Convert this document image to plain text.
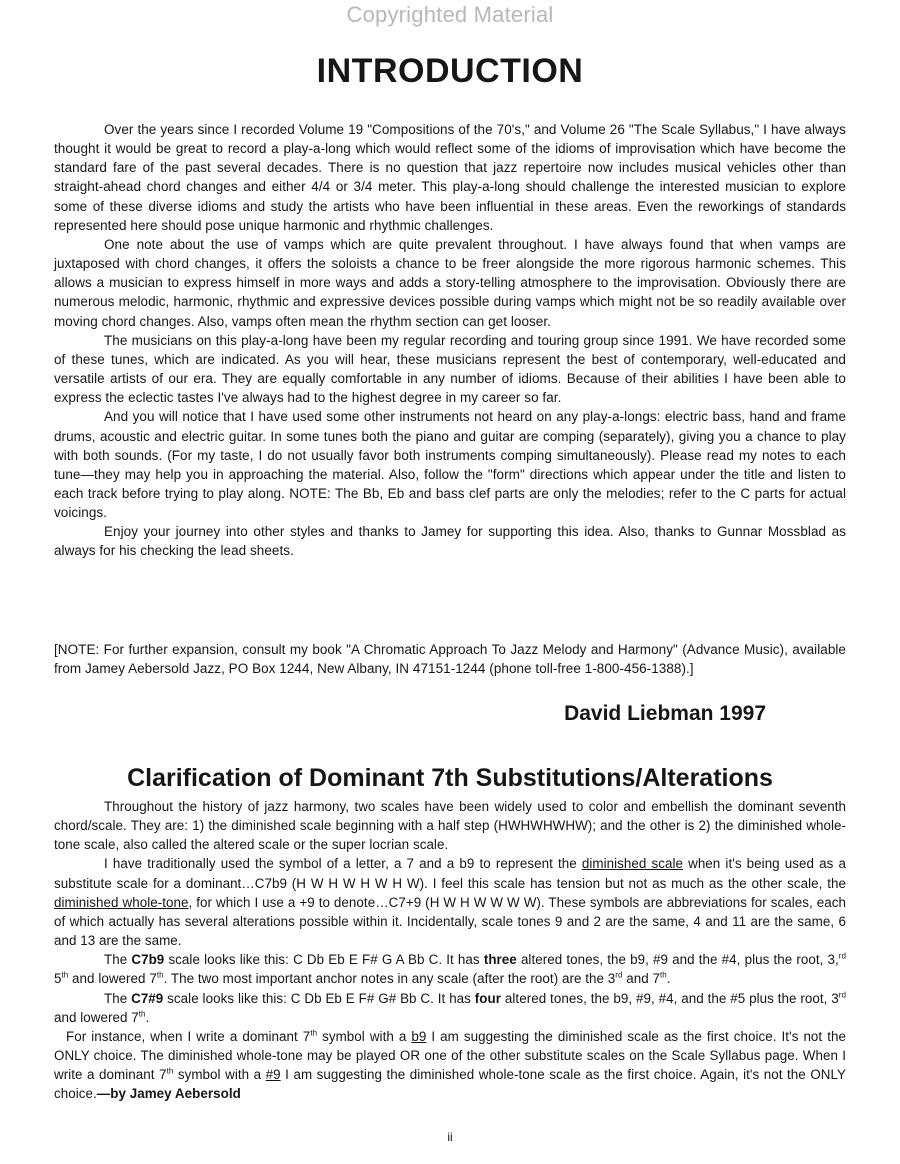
Copyrighted Material
INTRODUCTION

Over the years since I recorded Volume 19 "Compositions of the 70's," and Volume 26 "The Scale Syllabus," I have always thought it would be great to record a play-a-long which would reflect some of the idioms of improvisation which have become the standard fare of the past several decades. There is no question that jazz repertoire now includes musical vehicles other than straight-ahead chord changes and either 4/4 or 3/4 meter. This play-a-long should challenge the interested musician to explore some of these diverse idioms and study the artists who have been influential in these areas. Even the reworkings of standards represented here should pose unique harmonic and rhythmic challenges.

One note about the use of vamps which are quite prevalent throughout. I have always found that when vamps are juxtaposed with chord changes, it offers the soloists a chance to be freer alongside the more rigorous harmonic schemes. This allows a musician to express himself in more ways and adds a story-telling atmosphere to the improvisation. Obviously there are numerous melodic, harmonic, rhythmic and expressive devices possible during vamps which might not be so readily available over moving chord changes. Also, vamps often mean the rhythm section can get looser.

The musicians on this play-a-long have been my regular recording and touring group since 1991. We have recorded some of these tunes, which are indicated. As you will hear, these musicians represent the best of contemporary, well-educated and versatile artists of our era. They are equally comfortable in any number of idioms. Because of their abilities I have been able to express the eclectic tastes I've always had to the highest degree in my career so far.

And you will notice that I have used some other instruments not heard on any play-a-longs: electric bass, hand and frame drums, acoustic and electric guitar. In some tunes both the piano and guitar are comping (separately), giving you a chance to play with both sounds. (For my taste, I do not usually favor both instruments comping simultaneously). Please read my notes to each tune—they may help you in approaching the material. Also, follow the "form" directions which appear under the title and listen to each track before trying to play along. NOTE: The Bb, Eb and bass clef parts are only the melodies; refer to the C parts for actual voicings.

Enjoy your journey into other styles and thanks to Jamey for supporting this idea. Also, thanks to Gunnar Mossblad as always for his checking the lead sheets.

[NOTE: For further expansion, consult my book "A Chromatic Approach To Jazz Melody and Harmony" (Advance Music), available from Jamey Aebersold Jazz, PO Box 1244, New Albany, IN 47151-1244 (phone toll-free 1-800-456-1388).]

David Liebman 1997

Clarification of Dominant 7th Substitutions/Alterations

Throughout the history of jazz harmony, two scales have been widely used to color and embellish the dominant seventh chord/scale. They are: 1) the diminished scale beginning with a half step (HWHWHWHW); and the other is 2) the diminished whole-tone scale, also called the altered scale or the super locrian scale.

I have traditionally used the symbol of a letter, a 7 and a b9 to represent the diminished scale when it's being used as a substitute scale for a dominant…C7b9 (H W H W H W H W). I feel this scale has tension but not as much as the other scale, the diminished whole-tone, for which I use a +9 to denote…C7+9 (H W H W W W W). These symbols are abbreviations for scales, each of which actually has several alterations possible within it. Incidentally, scale tones 9 and 2 are the same, 4 and 11 are the same, 6 and 13 are the same.

The C7b9 scale looks like this: C Db Eb E F# G A Bb C. It has three altered tones, the b9, #9 and the #4, plus the root, 3,$^{rd}$ 5th and lowered 7th. The two most important anchor notes in any scale (after the root) are the 3rd and 7th.

The C7#9 scale looks like this: C Db Eb E F# G# Bb C. It has four altered tones, the b9, #9, #4, and the #5 plus the root, 3rd and lowered 7th.

For instance, when I write a dominant 7th symbol with a b9 I am suggesting the diminished scale as the first choice. It's not the ONLY choice. The diminished whole-tone may be played OR one of the other substitute scales on the Scale Syllabus page. When I write a dominant 7th symbol with a #9 I am suggesting the diminished whole-tone scale as the first choice. Again, it's not the ONLY choice.—by Jamey Aebersold

ii
